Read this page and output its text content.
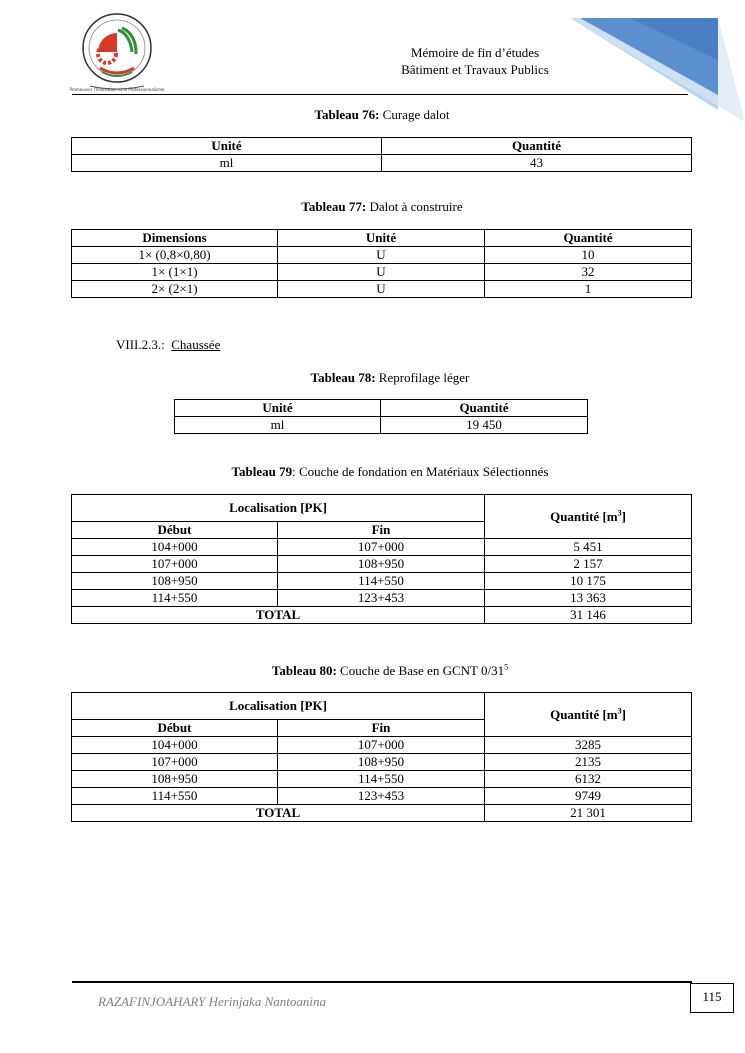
Promouvoir l'Innovation et le Professionnalisme
Mémoire de fin d’études
Bâtiment et Travaux Publics
Tableau 76: Curage dalot
Unité	Quantité
ml	43
Tableau 77: Dalot à construire
Dimensions	Unité	Quantité
1× (0,8×0,80)	U	10
1× (1×1)	U	32
2× (2×1)	U	1
VIII.2.3.: Chaussée
Tableau 78: Reprofilage léger
Unité	Quantité
ml	19 450
Tableau 79: Couche de fondation en Matériaux Sélectionnés
Localisation [PK]		Quantité $[m^3]$
Début	Fin	
104+000	107+000	5 451
107+000	108+950	2 157
108+950	114+550	10 175
114+550	123+453	13 363
TOTAL		31 146
Tableau 80: Couche de Base en GCNT $0/31^5$
Localisation [PK]		Quantité $[m^3]$
Début	Fin	
104+000	107+000	3285
107+000	108+950	2135
108+950	114+550	6132
114+550	123+453	9749
TOTAL		21 301
RAZAFINJOAHARY Herinjaka Nantoanina	115
